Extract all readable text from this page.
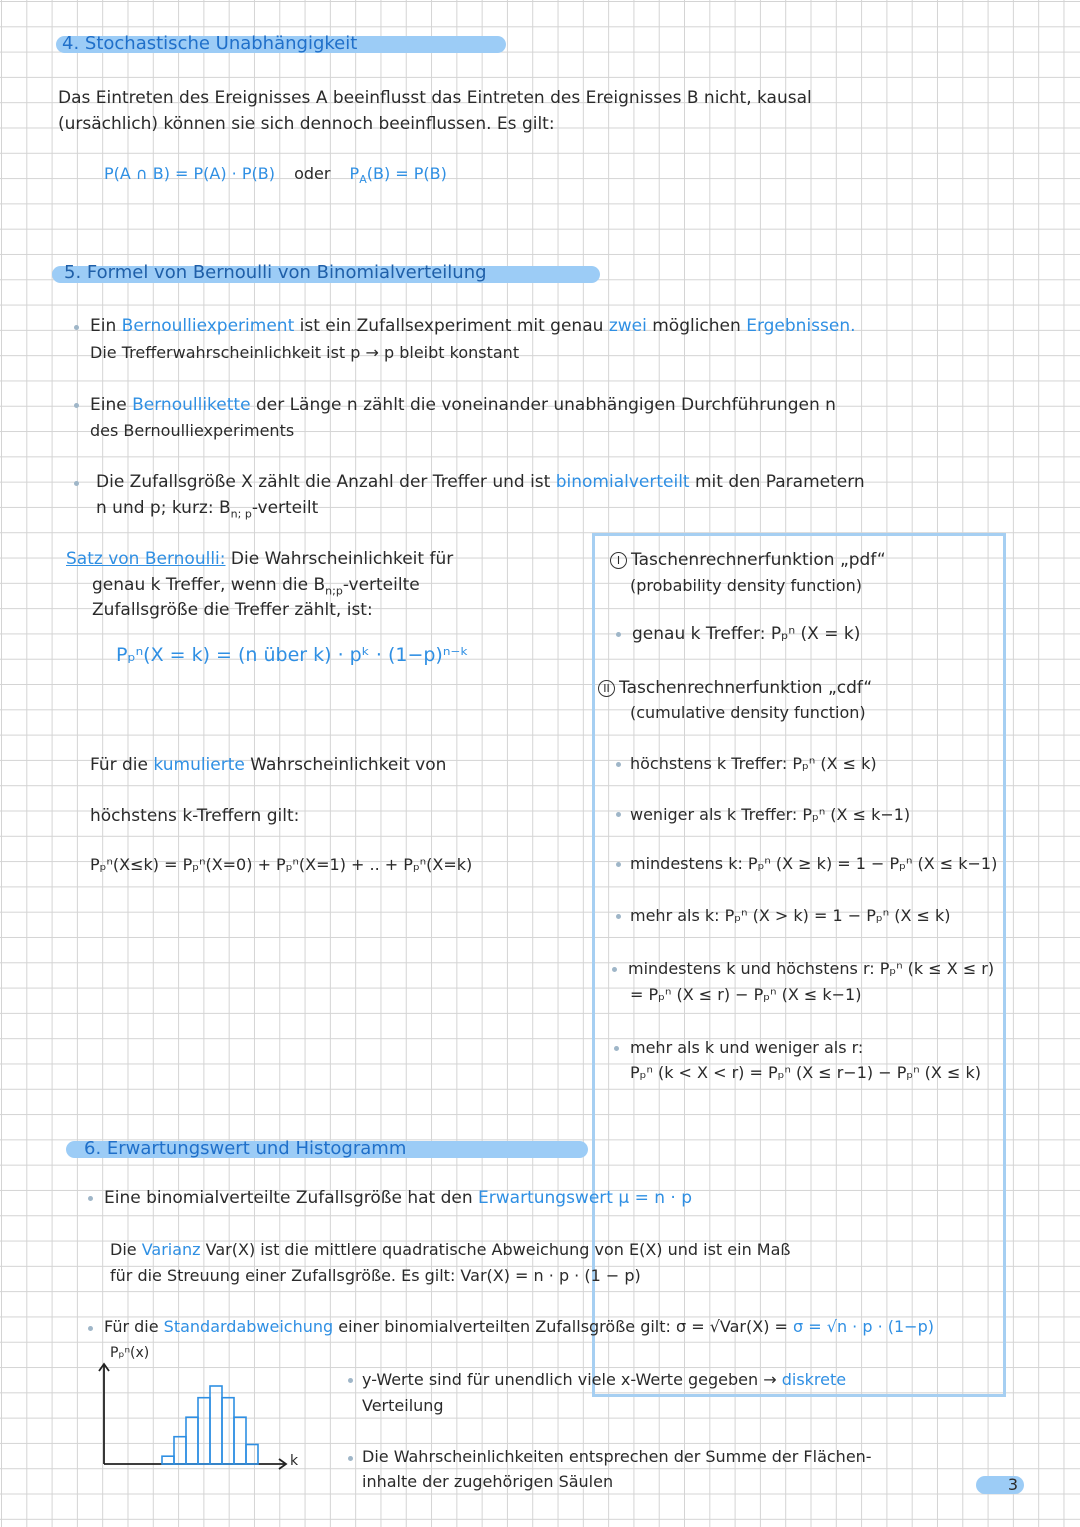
4. Stochastische Unabhängigkeit
Das Eintreten des Ereignisses A beeinflusst das Eintreten des Ereignisses B nicht, kausal
(ursächlich) können sie sich dennoch beeinflussen. Es gilt:
P(A ∩ B) = P(A) · P(B) oder $P_A(B) = P(B)$
5. Formel von Bernoulli von Binomialverteilung
Ein Bernoulliexperiment ist ein Zufallsexperiment mit genau zwei möglichen Ergebnissen.
Die Trefferwahrscheinlichkeit ist p → p bleibt konstant
Eine Bernoullikette der Länge n zählt die voneinander unabhängigen Durchführungen n
des Bernoulliexperiments
Die Zufallsgröße X zählt die Anzahl der Treffer und ist binomialverteilt mit den Parametern
n und p; kurz: $B_{n; p}$-verteilt
Satz von Bernoulli: Die Wahrscheinlichkeit für
genau k Treffer, wenn die $B_{n;p}$-verteilte
Zufallsgröße die Treffer zählt, ist:
Pₚⁿ(X = k) = (n über k) · pᵏ · (1−p)ⁿ⁻ᵏ
Für die kumulierte Wahrscheinlichkeit von
höchstens k-Treffern gilt:
Pₚⁿ(X≤k) = Pₚⁿ(X=0) + Pₚⁿ(X=1) + .. + Pₚⁿ(X=k)
I Taschenrechnerfunktion „pdf“
(probability density function)
genau k Treffer: Pₚⁿ (X = k)
II Taschenrechnerfunktion „cdf“
(cumulative density function)
höchstens k Treffer: Pₚⁿ (X ≤ k)
weniger als k Treffer: Pₚⁿ (X ≤ k−1)
mindestens k: Pₚⁿ (X ≥ k) = 1 − Pₚⁿ (X ≤ k−1)
mehr als k: Pₚⁿ (X > k) = 1 − Pₚⁿ (X ≤ k)
mindestens k und höchstens r: Pₚⁿ (k ≤ X ≤ r)
= Pₚⁿ (X ≤ r) − Pₚⁿ (X ≤ k−1)
mehr als k und weniger als r:
Pₚⁿ (k < X < r) = Pₚⁿ (X ≤ r−1) − Pₚⁿ (X ≤ k)
6. Erwartungswert und Histogramm
Eine binomialverteilte Zufallsgröße hat den Erwartungswert μ = n · p
Die Varianz Var(X) ist die mittlere quadratische Abweichung von E(X) und ist ein Maß
für die Streuung einer Zufallsgröße. Es gilt: Var(X) = n · p · (1 − p)
Für die Standardabweichung einer binomialverteilten Zufallsgröße gilt: σ = √Var(X) = σ = √n · p · (1−p)
Pₚⁿ(x)
k
y-Werte sind für unendlich viele x-Werte gegeben → diskrete
Verteilung
Die Wahrscheinlichkeiten entsprechen der Summe der Flächen-
inhalte der zugehörigen Säulen	3
